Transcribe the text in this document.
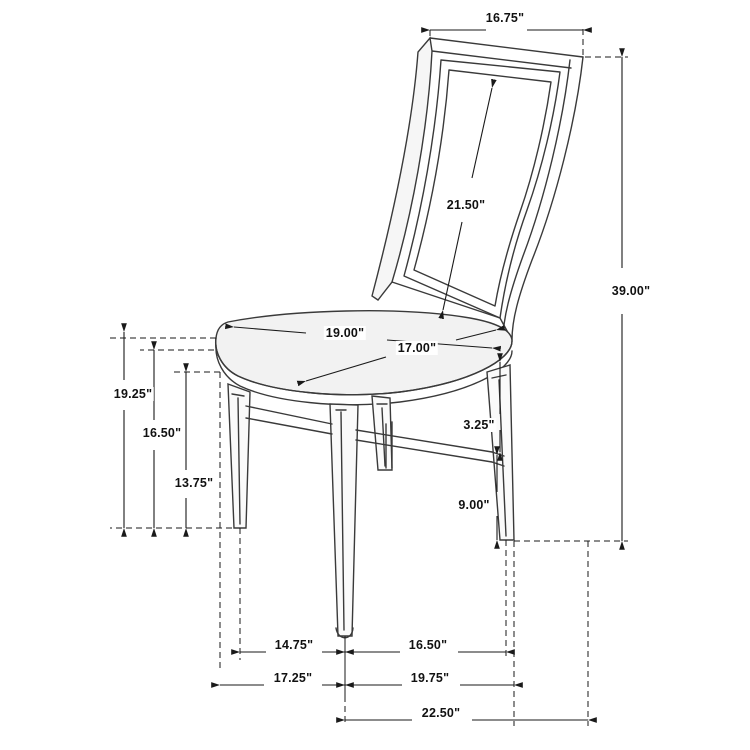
16.75"
39.00"
21.50"
19.00"
17.00"
3.25"
9.00"
19.25"
16.50"
13.75"
14.75"	16.50"
17.25"	19.75"
22.50"
